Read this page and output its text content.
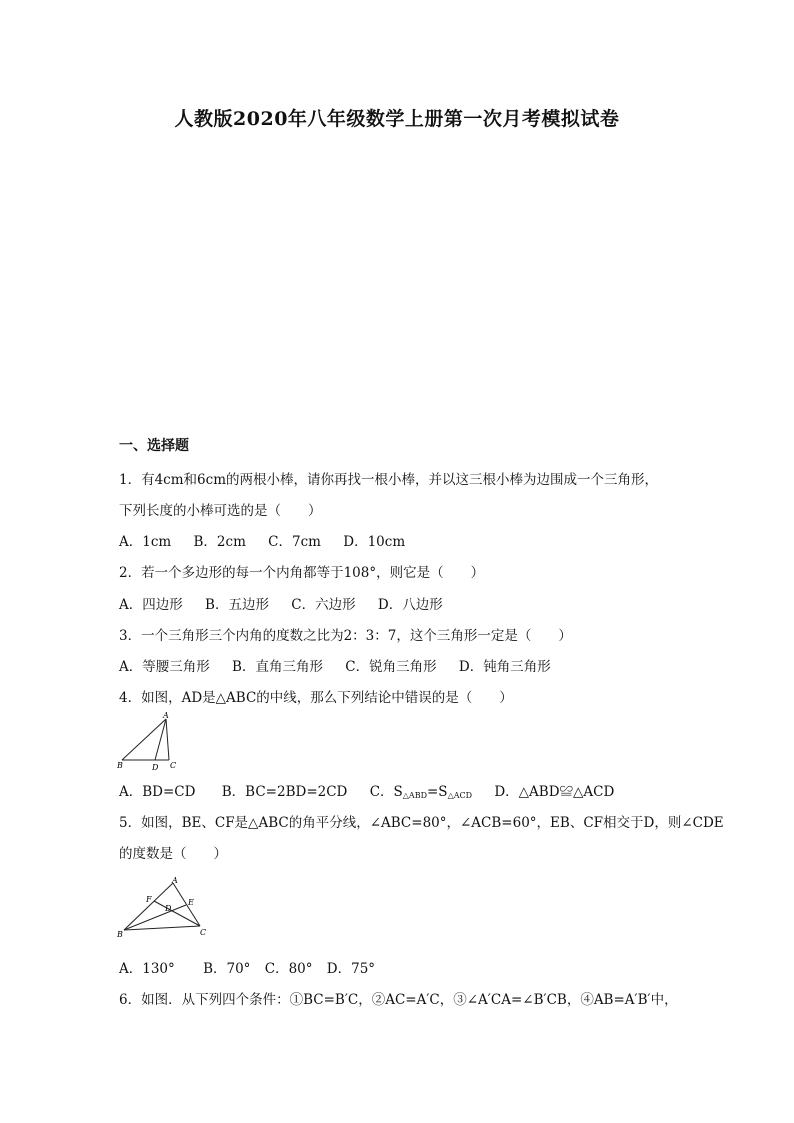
人教版2020年八年级数学上册第一次月考模拟试卷
一、选择题
1．有4cm和6cm的两根小棒，请你再找一根小棒，并以这三根小棒为边围成一个三角形，
下列长度的小棒可选的是（　　）
A．1cm B．2cm C．7cm D．10cm
2．若一个多边形的每一个内角都等于108°，则它是（　　）
A．四边形 B．五边形 C．六边形 D．八边形
3．一个三角形三个内角的度数之比为2：3：7，这个三角形一定是（　　）
A．等腰三角形 B．直角三角形 C．锐角三角形 D．钝角三角形
4．如图，AD是△ABC的中线，那么下列结论中错误的是（　　）
A
B	C
D
A．BD=CD B．BC=2BD=2CD C．$S_{\triangle ABD}=S_{\triangle ACD}$ D．△ABD≌△ACD
5．如图，BE、CF是△ABC的角平分线，∠ABC=80°，∠ACB=60°，EB、CF相交于D，则∠CDE
的度数是（　　）
A
B	C
D
E
F
A．130° B．70° C．80° D．75°
6．如图．从下列四个条件：①BC=B′C，②AC=A′C，③∠A′CA=∠B′CB，④AB=A′B′中，
